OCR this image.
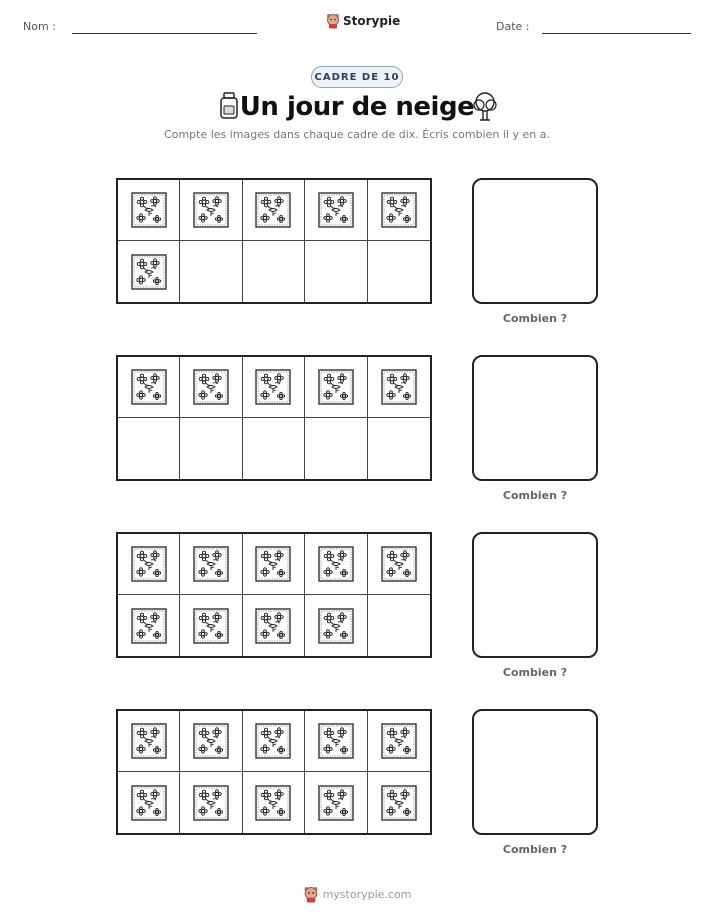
Nom :	Storypie	Date :
CADRE DE 10
Un jour de neige
Compte les images dans chaque cadre de dix. Écris combien il y en a.
Combien ?
Combien ?
Combien ?
Combien ?
mystorypie.com
